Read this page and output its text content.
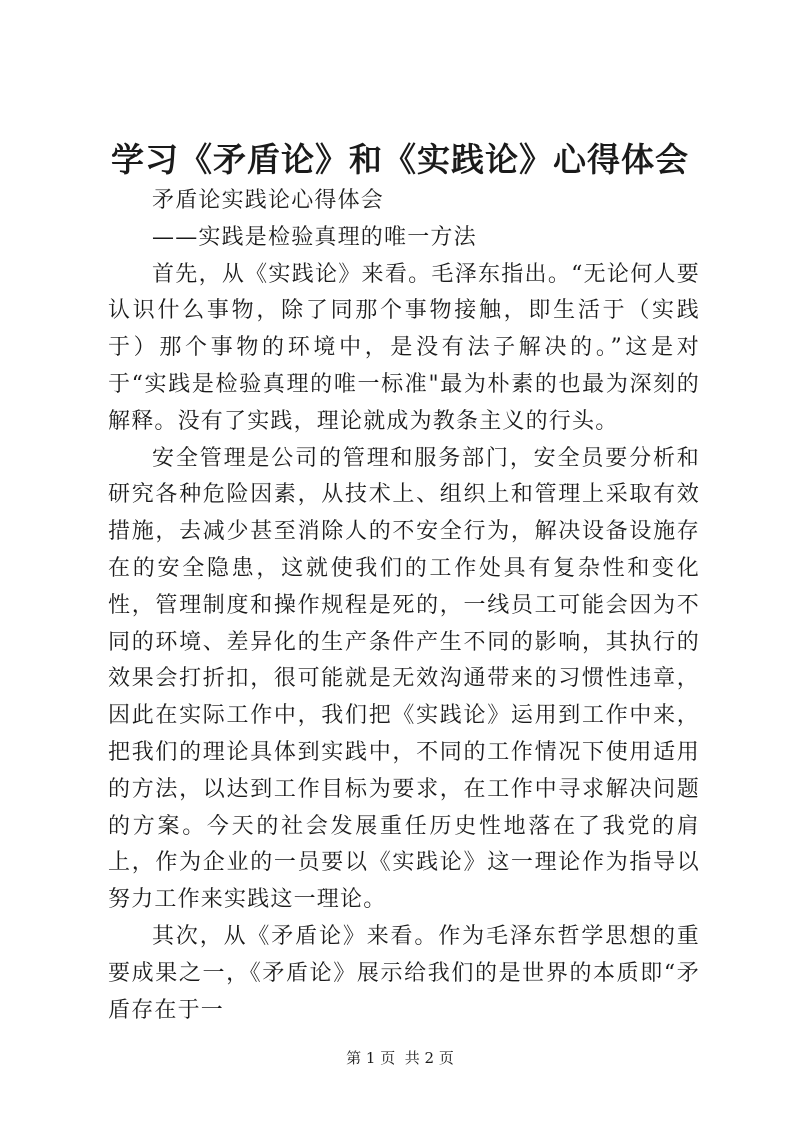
学习《矛盾论》和《实践论》心得体会

矛盾论实践论心得体会

——实践是检验真理的唯一方法

首先，从《实践论》来看。毛泽东指出。“无论何人要认识什么事物，除了同那个事物接触，即生活于（实践于）那个事物的环境中，是没有法子解决的。”这是对于“实践是检验真理的唯一标准"最为朴素的也最为深刻的解释。没有了实践，理论就成为教条主义的行头。

安全管理是公司的管理和服务部门，安全员要分析和研究各种危险因素，从技术上、组织上和管理上采取有效措施，去减少甚至消除人的不安全行为，解决设备设施存在的安全隐患，这就使我们的工作处具有复杂性和变化性，管理制度和操作规程是死的，一线员工可能会因为不同的环境、差异化的生产条件产生不同的影响，其执行的效果会打折扣，很可能就是无效沟通带来的习惯性违章，因此在实际工作中，我们把《实践论》运用到工作中来，把我们的理论具体到实践中，不同的工作情况下使用适用的方法，以达到工作目标为要求，在工作中寻求解决问题的方案。今天的社会发展重任历史性地落在了我党的肩上，作为企业的一员要以《实践论》这一理论作为指导以努力工作来实践这一理论。

其次，从《矛盾论》来看。作为毛泽东哲学思想的重要成果之一，《矛盾论》展示给我们的是世界的本质即“矛盾存在于一

第 1 页  共 2 页
